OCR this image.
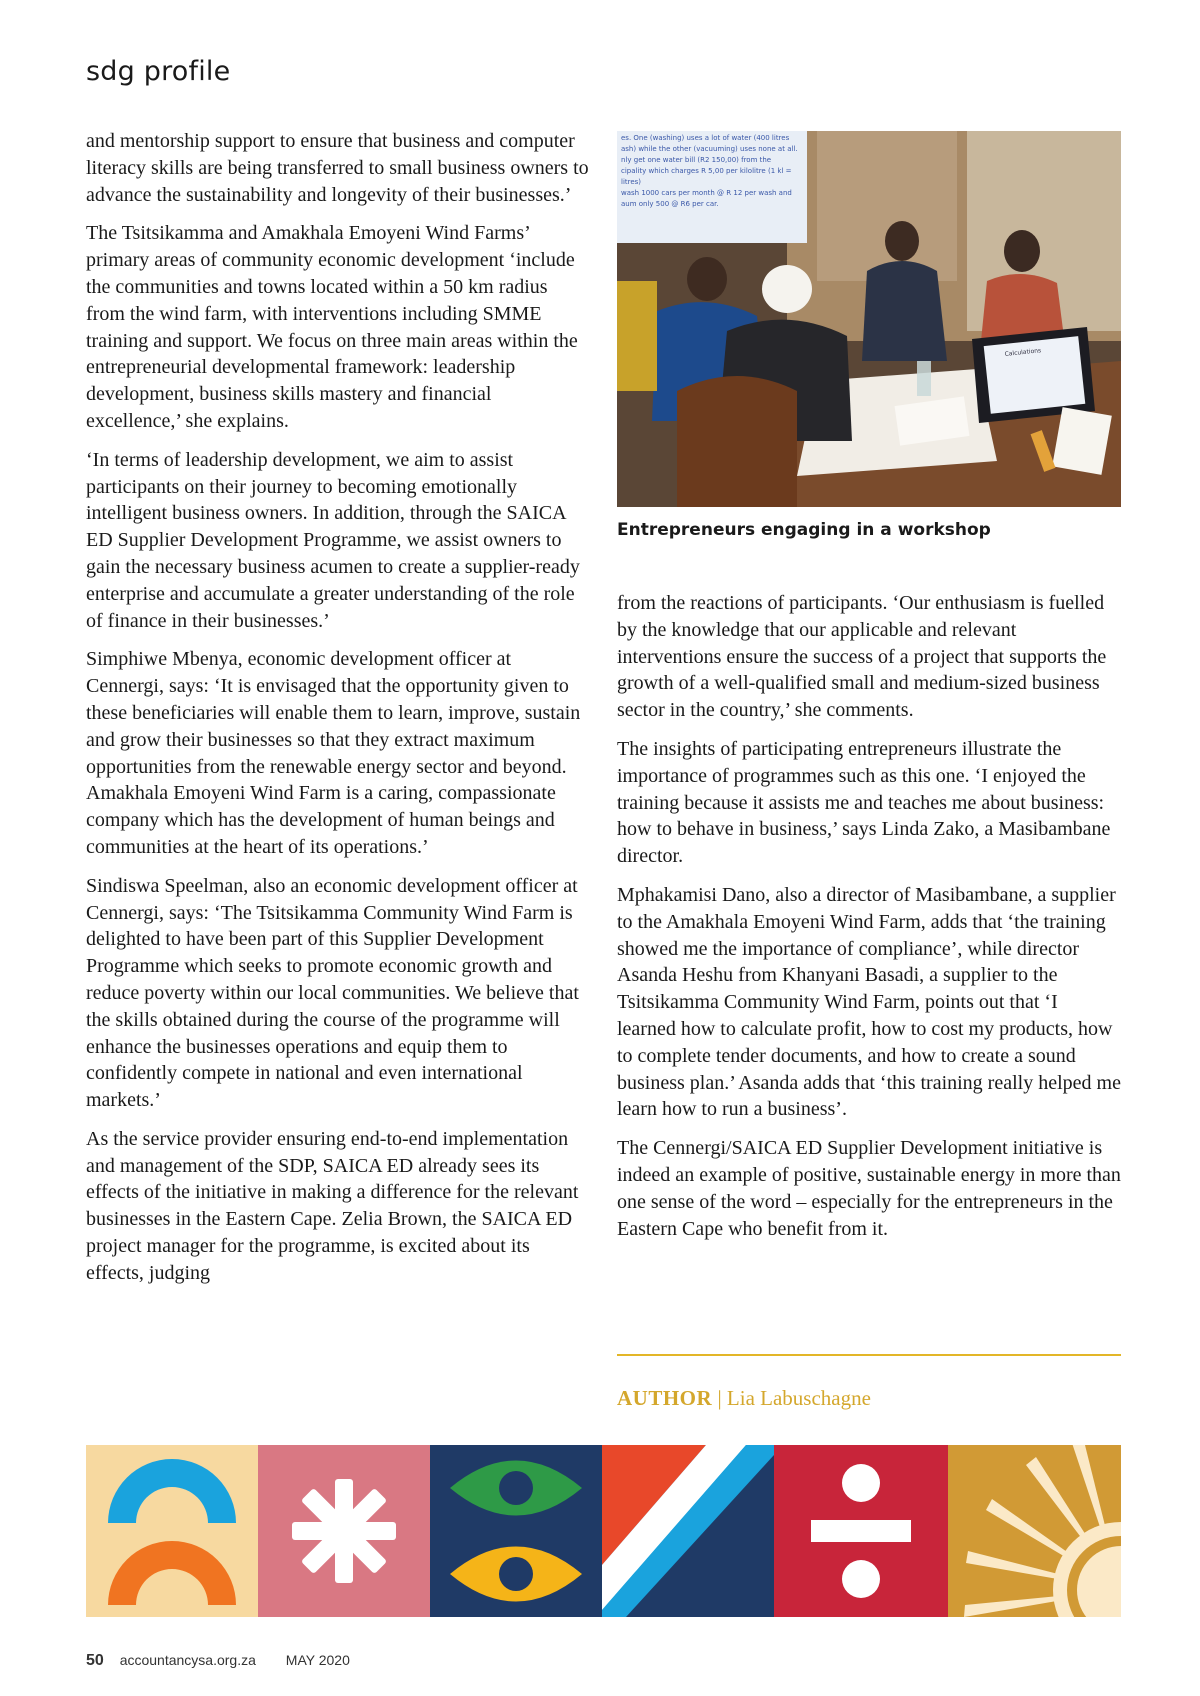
sdg profile

and mentorship support to ensure that business and computer literacy skills are being transferred to small business owners to advance the sustainability and longevity of their businesses.’

The Tsitsikamma and Amakhala Emoyeni Wind Farms’ primary areas of community economic development ‘include the communities and towns located within a 50 km radius from the wind farm, with interventions including SMME training and support. We focus on three main areas within the entrepreneurial developmental framework: leadership development, business skills mastery and financial excellence,’ she explains.

‘In terms of leadership development, we aim to assist participants on their journey to becoming emotionally intelligent business owners. In addition, through the SAICA ED Supplier Development Programme, we assist owners to gain the necessary business acumen to create a supplier-ready enterprise and accumulate a greater understanding of the role of finance in their businesses.’

Simphiwe Mbenya, economic development officer at Cennergi, says: ‘It is envisaged that the opportunity given to these beneficiaries will enable them to learn, improve, sustain and grow their businesses so that they extract maximum opportunities from the renewable energy sector and beyond. Amakhala Emoyeni Wind Farm is a caring, compassionate company which has the development of human beings and communities at the heart of its operations.’

Sindiswa Speelman, also an economic development officer at Cennergi, says: ‘The Tsitsikamma Community Wind Farm is delighted to have been part of this Supplier Development Programme which seeks to promote economic growth and reduce poverty within our local communities. We believe that the skills obtained during the course of the programme will enhance the businesses operations and equip them to confidently compete in national and even international markets.’

As the service provider ensuring end-to-end implementation and management of the SDP, SAICA ED already sees its effects of the initiative in making a difference for the relevant businesses in the Eastern Cape. Zelia Brown, the SAICA ED project manager for the programme, is excited about its effects, judging

es. One (washing) uses a lot of water (400 litres
ash) while the other (vacuuming) uses none at all.
nly get one water bill (R2 150,00) from the
cipality which charges R 5,00 per kilolitre (1 kl =
litres)
wash 1000 cars per month @ R 12 per wash and
aum only 500 @ R6 per car.
Calculations
Entrepreneurs engaging in a workshop

from the reactions of participants. ‘Our enthusiasm is fuelled by the knowledge that our applicable and relevant interventions ensure the success of a project that supports the growth of a well-qualified small and medium-sized business sector in the country,’ she comments.

The insights of participating entrepreneurs illustrate the importance of programmes such as this one. ‘I enjoyed the training because it assists me and teaches me about business: how to behave in business,’ says Linda Zako, a Masibambane director.

Mphakamisi Dano, also a director of Masibambane, a supplier to the Amakhala Emoyeni Wind Farm, adds that ‘the training showed me the importance of compliance’, while director Asanda Heshu from Khanyani Basadi, a supplier to the Tsitsikamma Community Wind Farm, points out that ‘I learned how to calculate profit, how to cost my products, how to complete tender documents, and how to create a sound business plan.’ Asanda adds that ‘this training really helped me learn how to run a business’.

The Cennergi/SAICA ED Supplier Development initiative is indeed an example of positive, sustainable energy in more than one sense of the word – especially for the entrepreneurs in the Eastern Cape who benefit from it.

AUTHOR | Lia Labuschagne
50 accountancysa.org.za MAY 2020
